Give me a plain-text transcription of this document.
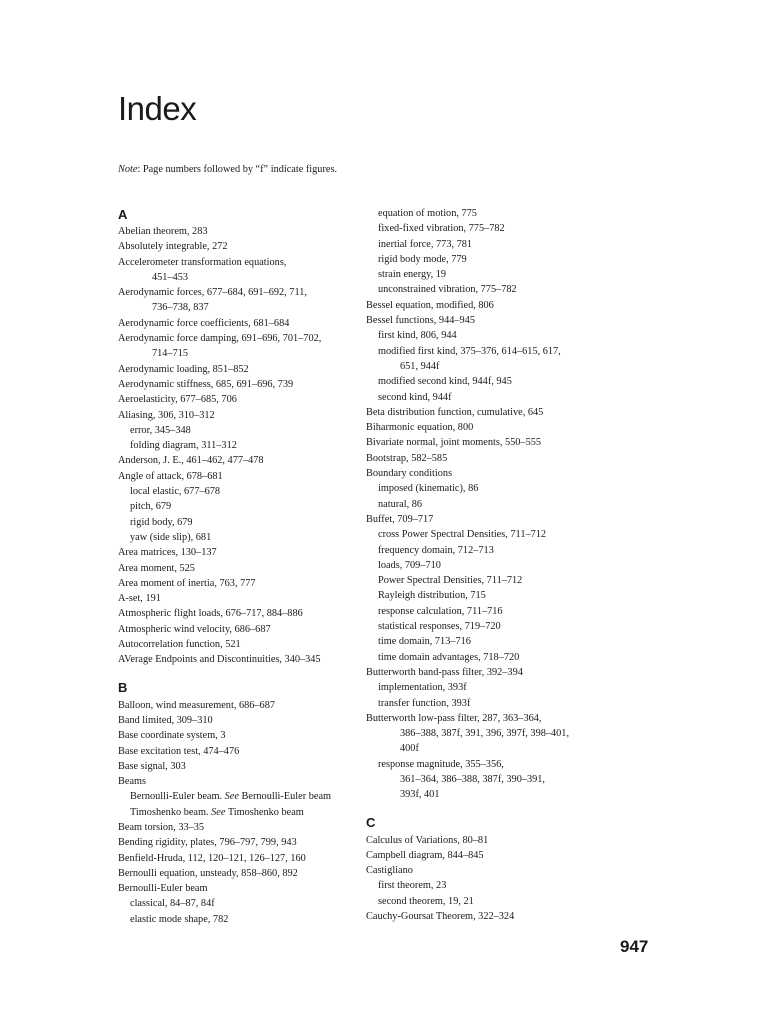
Index
Note: Page numbers followed by “f” indicate figures.
A
Abelian theorem, 283
Absolutely integrable, 272
Accelerometer transformation equations,
451–453
Aerodynamic forces, 677–684, 691–692, 711,
736–738, 837
Aerodynamic force coefficients, 681–684
Aerodynamic force damping, 691–696, 701–702,
714–715
Aerodynamic loading, 851–852
Aerodynamic stiffness, 685, 691–696, 739
Aeroelasticity, 677–685, 706
Aliasing, 306, 310–312
error, 345–348
folding diagram, 311–312
Anderson, J. E., 461–462, 477–478
Angle of attack, 678–681
local elastic, 677–678
pitch, 679
rigid body, 679
yaw (side slip), 681
Area matrices, 130–137
Area moment, 525
Area moment of inertia, 763, 777
A-set, 191
Atmospheric flight loads, 676–717, 884–886
Atmospheric wind velocity, 686–687
Autocorrelation function, 521
AVerage Endpoints and Discontinuities, 340–345
B
Balloon, wind measurement, 686–687
Band limited, 309–310
Base coordinate system, 3
Base excitation test, 474–476
Base signal, 303
Beams
Bernoulli-Euler beam. See Bernoulli-Euler beam
Timoshenko beam. See Timoshenko beam
Beam torsion, 33–35
Bending rigidity, plates, 796–797, 799, 943
Benfield-Hruda, 112, 120–121, 126–127, 160
Bernoulli equation, unsteady, 858–860, 892
Bernoulli-Euler beam
classical, 84–87, 84f
elastic mode shape, 782
equation of motion, 775
fixed-fixed vibration, 775–782
inertial force, 773, 781
rigid body mode, 779
strain energy, 19
unconstrained vibration, 775–782
Bessel equation, modified, 806
Bessel functions, 944–945
first kind, 806, 944
modified first kind, 375–376, 614–615, 617,
651, 944f
modified second kind, 944f, 945
second kind, 944f
Beta distribution function, cumulative, 645
Biharmonic equation, 800
Bivariate normal, joint moments, 550–555
Bootstrap, 582–585
Boundary conditions
imposed (kinematic), 86
natural, 86
Buffet, 709–717
cross Power Spectral Densities, 711–712
frequency domain, 712–713
loads, 709–710
Power Spectral Densities, 711–712
Rayleigh distribution, 715
response calculation, 711–716
statistical responses, 719–720
time domain, 713–716
time domain advantages, 718–720
Butterworth band-pass filter, 392–394
implementation, 393f
transfer function, 393f
Butterworth low-pass filter, 287, 363–364,
386–388, 387f, 391, 396, 397f, 398–401,
400f
response magnitude, 355–356,
361–364, 386–388, 387f, 390–391,
393f, 401
C
Calculus of Variations, 80–81
Campbell diagram, 844–845
Castigliano
first theorem, 23
second theorem, 19, 21
Cauchy-Goursat Theorem, 322–324
947
